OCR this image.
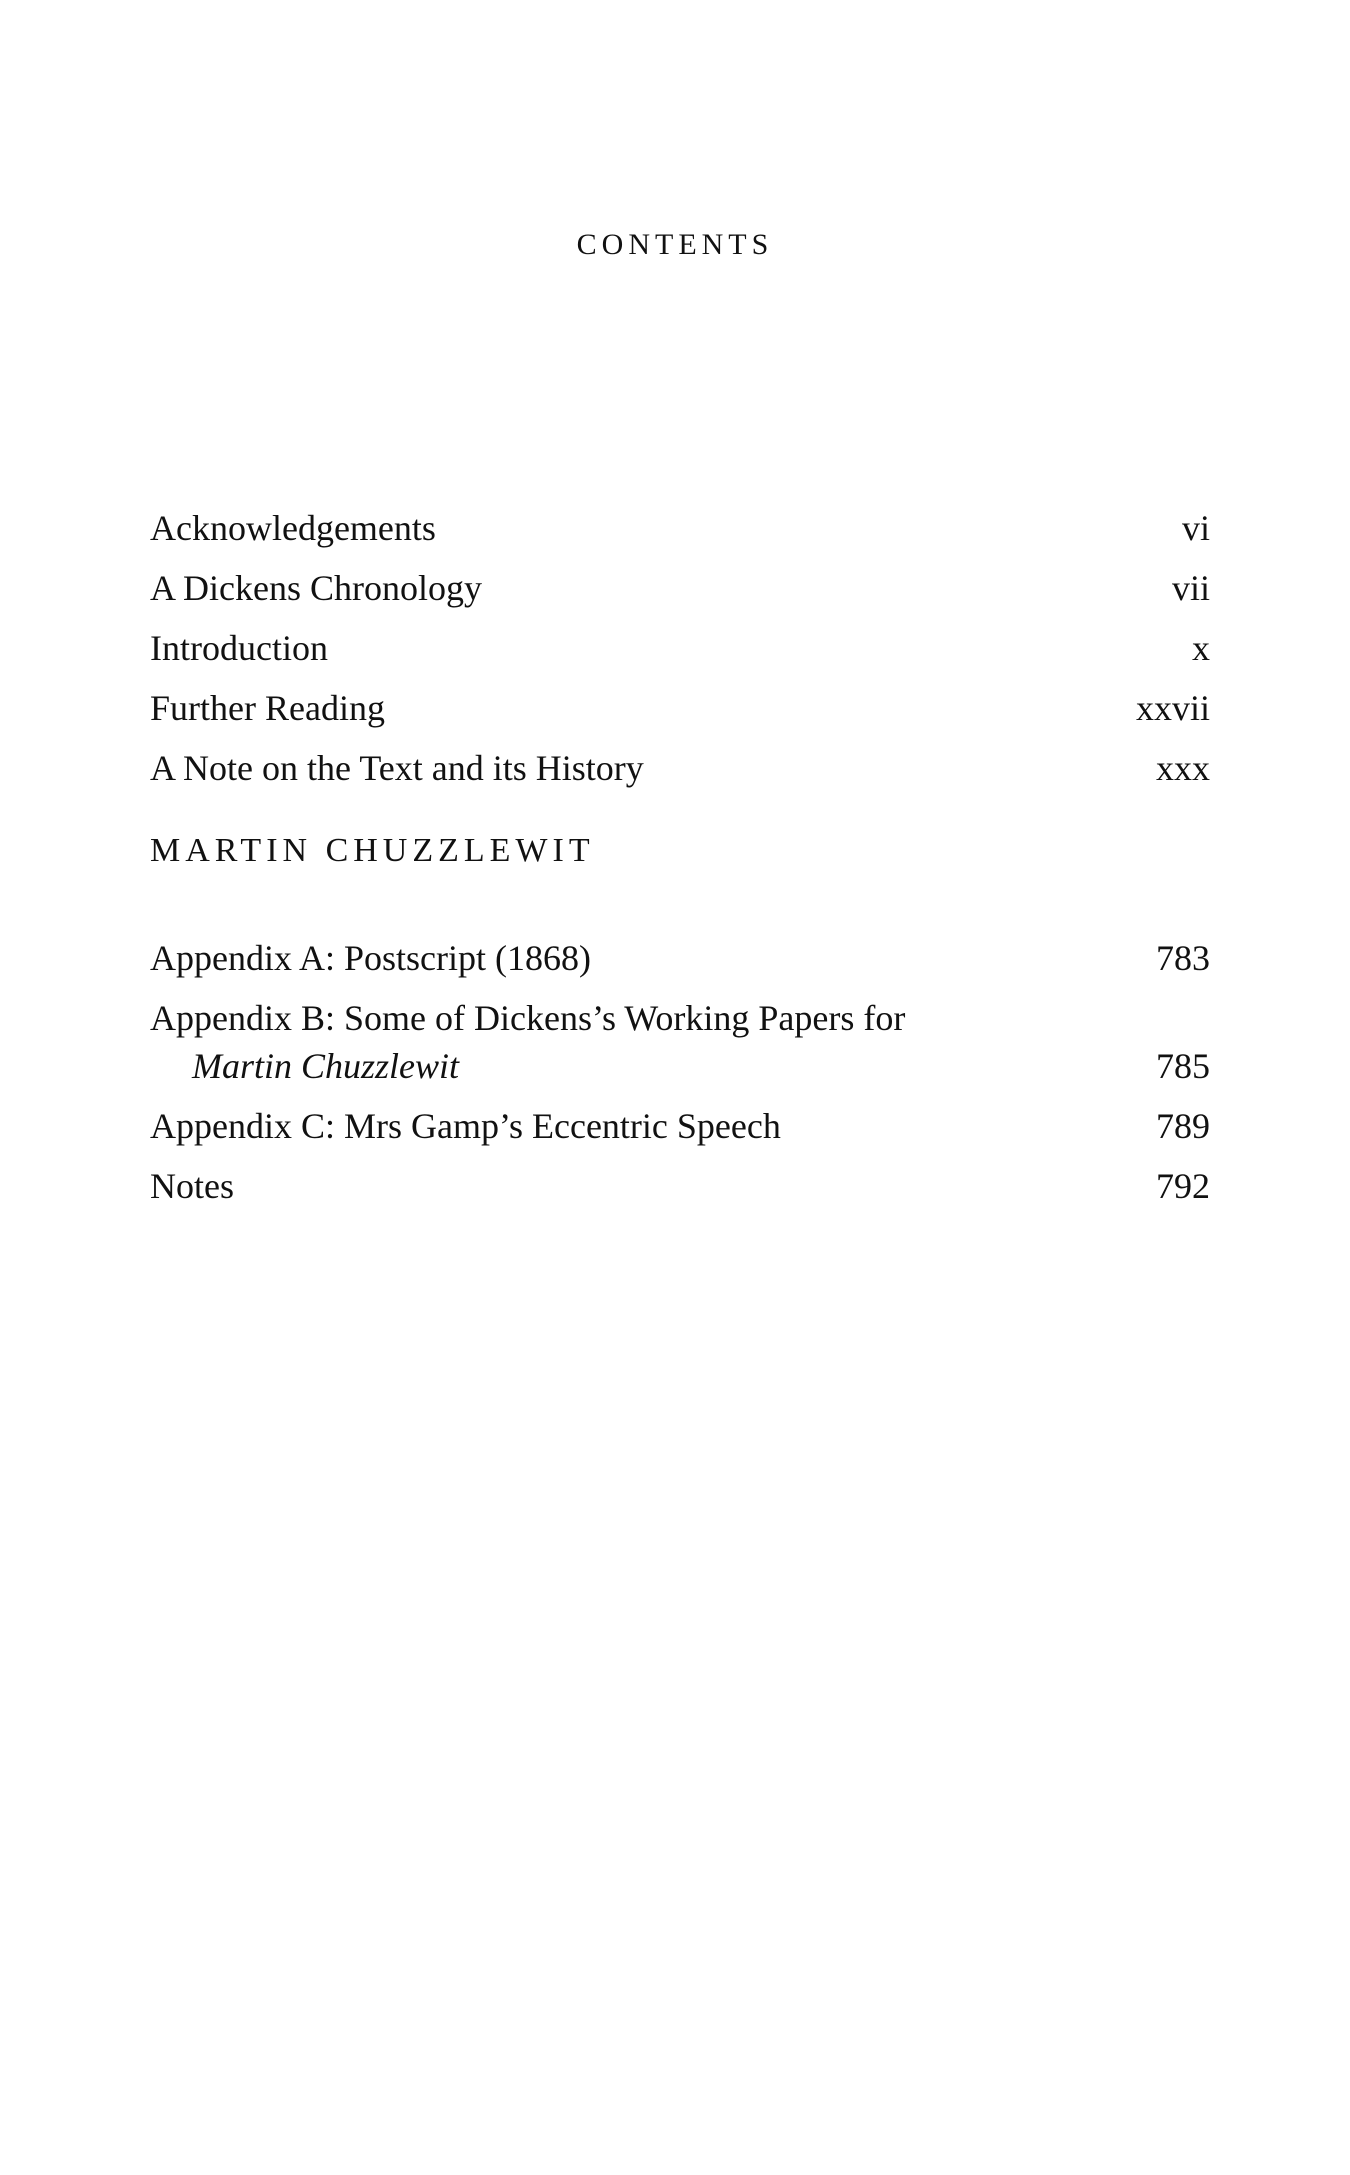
CONTENTS
Acknowledgements	vi
A Dickens Chronology	vii
Introduction	x
Further Reading	xxvii
A Note on the Text and its History	xxx
MARTIN CHUZZLEWIT
Appendix A: Postscript (1868)	783
Appendix B: Some of Dickens’s Working Papers for
Martin Chuzzlewit	785
Appendix C: Mrs Gamp’s Eccentric Speech	789
Notes	792
